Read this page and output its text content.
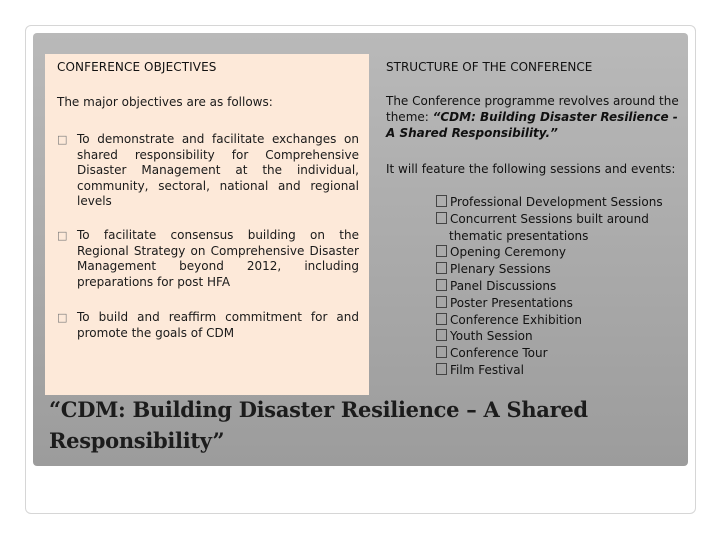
CONFERENCE OBJECTIVES
The major objectives are as follows:
□ To demonstrate and facilitate exchanges on shared responsibility for Comprehensive Disaster Management at the individual, community, sectoral, national and regional levels
□ To facilitate consensus building on the Regional Strategy on Comprehensive Disaster Management beyond 2012, including preparations for post HFA
□ To build and reaffirm commitment for and promote the goals of CDM
STRUCTURE OF THE CONFERENCE
The Conference programme revolves around the theme: “CDM: Building Disaster Resilience - A Shared Responsibility.”
It will feature the following sessions and events:
Professional Development Sessions
Concurrent Sessions built around thematic presentations
Opening Ceremony
Plenary Sessions
Panel Discussions
Poster Presentations
Conference Exhibition
Youth Session
Conference Tour
Film Festival
“CDM: Building Disaster Resilience – A Shared Responsibility”
